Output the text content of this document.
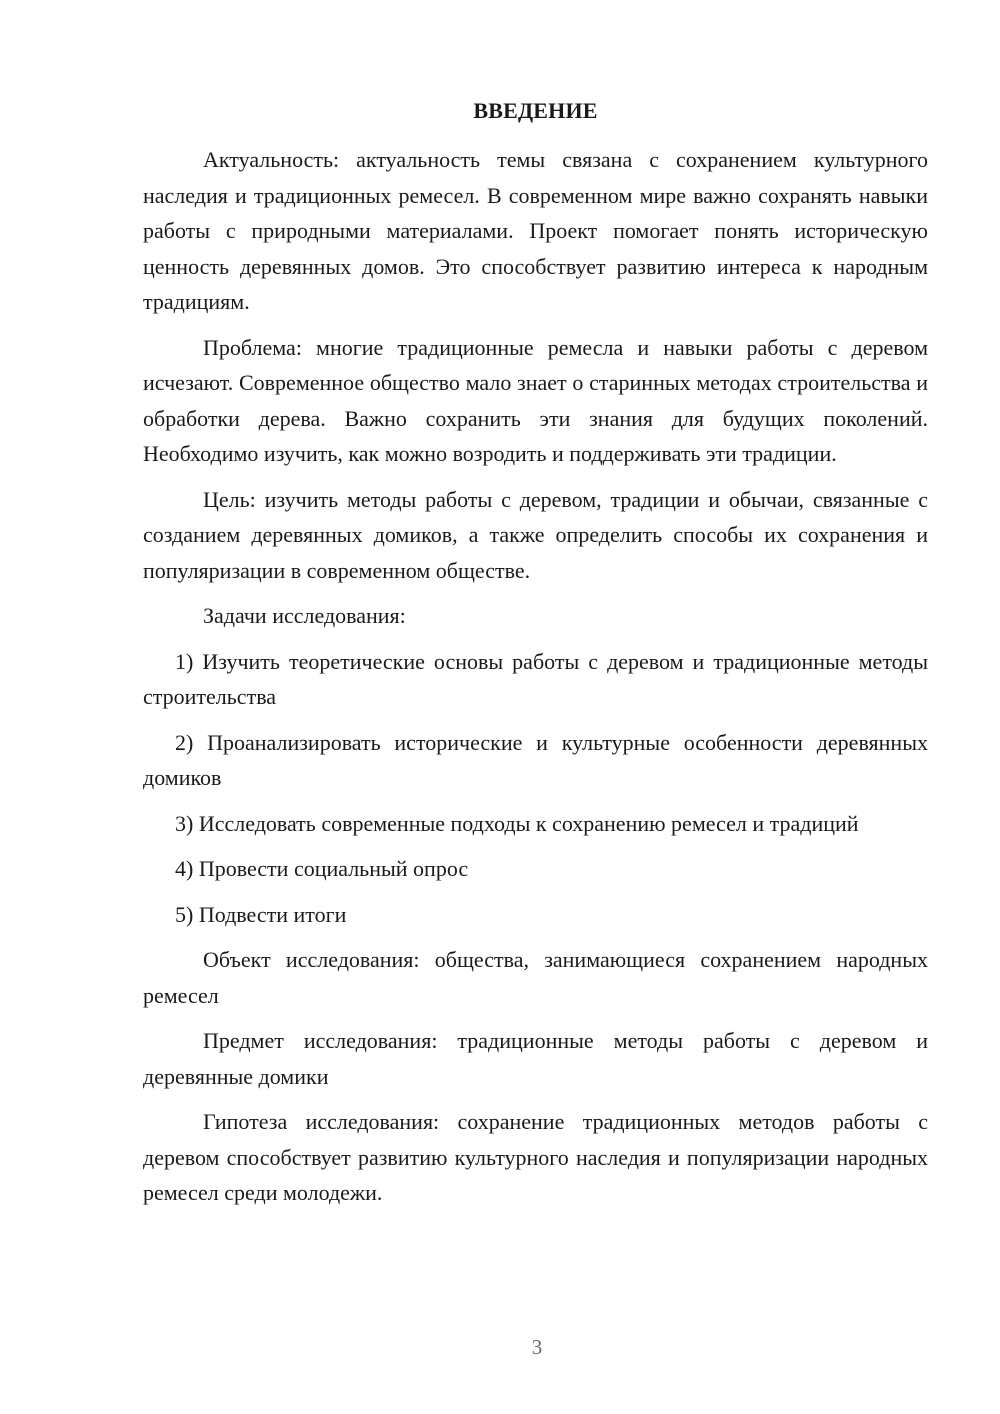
ВВЕДЕНИЕ

Актуальность: актуальность темы связана с сохранением культурного наследия и традиционных ремесел. В современном мире важно сохранять навыки работы с природными материалами. Проект помогает понять историческую ценность деревянных домов. Это способствует развитию интереса к народным традициям.

Проблема: многие традиционные ремесла и навыки работы с деревом исчезают. Современное общество мало знает о старинных методах строительства и обработки дерева. Важно сохранить эти знания для будущих поколений. Необходимо изучить, как можно возродить и поддерживать эти традиции.

Цель: изучить методы работы с деревом, традиции и обычаи, связанные с созданием деревянных домиков, а также определить способы их сохранения и популяризации в современном обществе.

Задачи исследования:

1) Изучить теоретические основы работы с деревом и традиционные методы строительства

2) Проанализировать исторические и культурные особенности деревянных домиков

3) Исследовать современные подходы к сохранению ремесел и традиций

4) Провести социальный опрос

5) Подвести итоги

Объект исследования: общества, занимающиеся сохранением народных ремесел

Предмет исследования: традиционные методы работы с деревом и деревянные домики

Гипотеза исследования: сохранение традиционных методов работы с деревом способствует развитию культурного наследия и популяризации народных ремесел среди молодежи.

3
